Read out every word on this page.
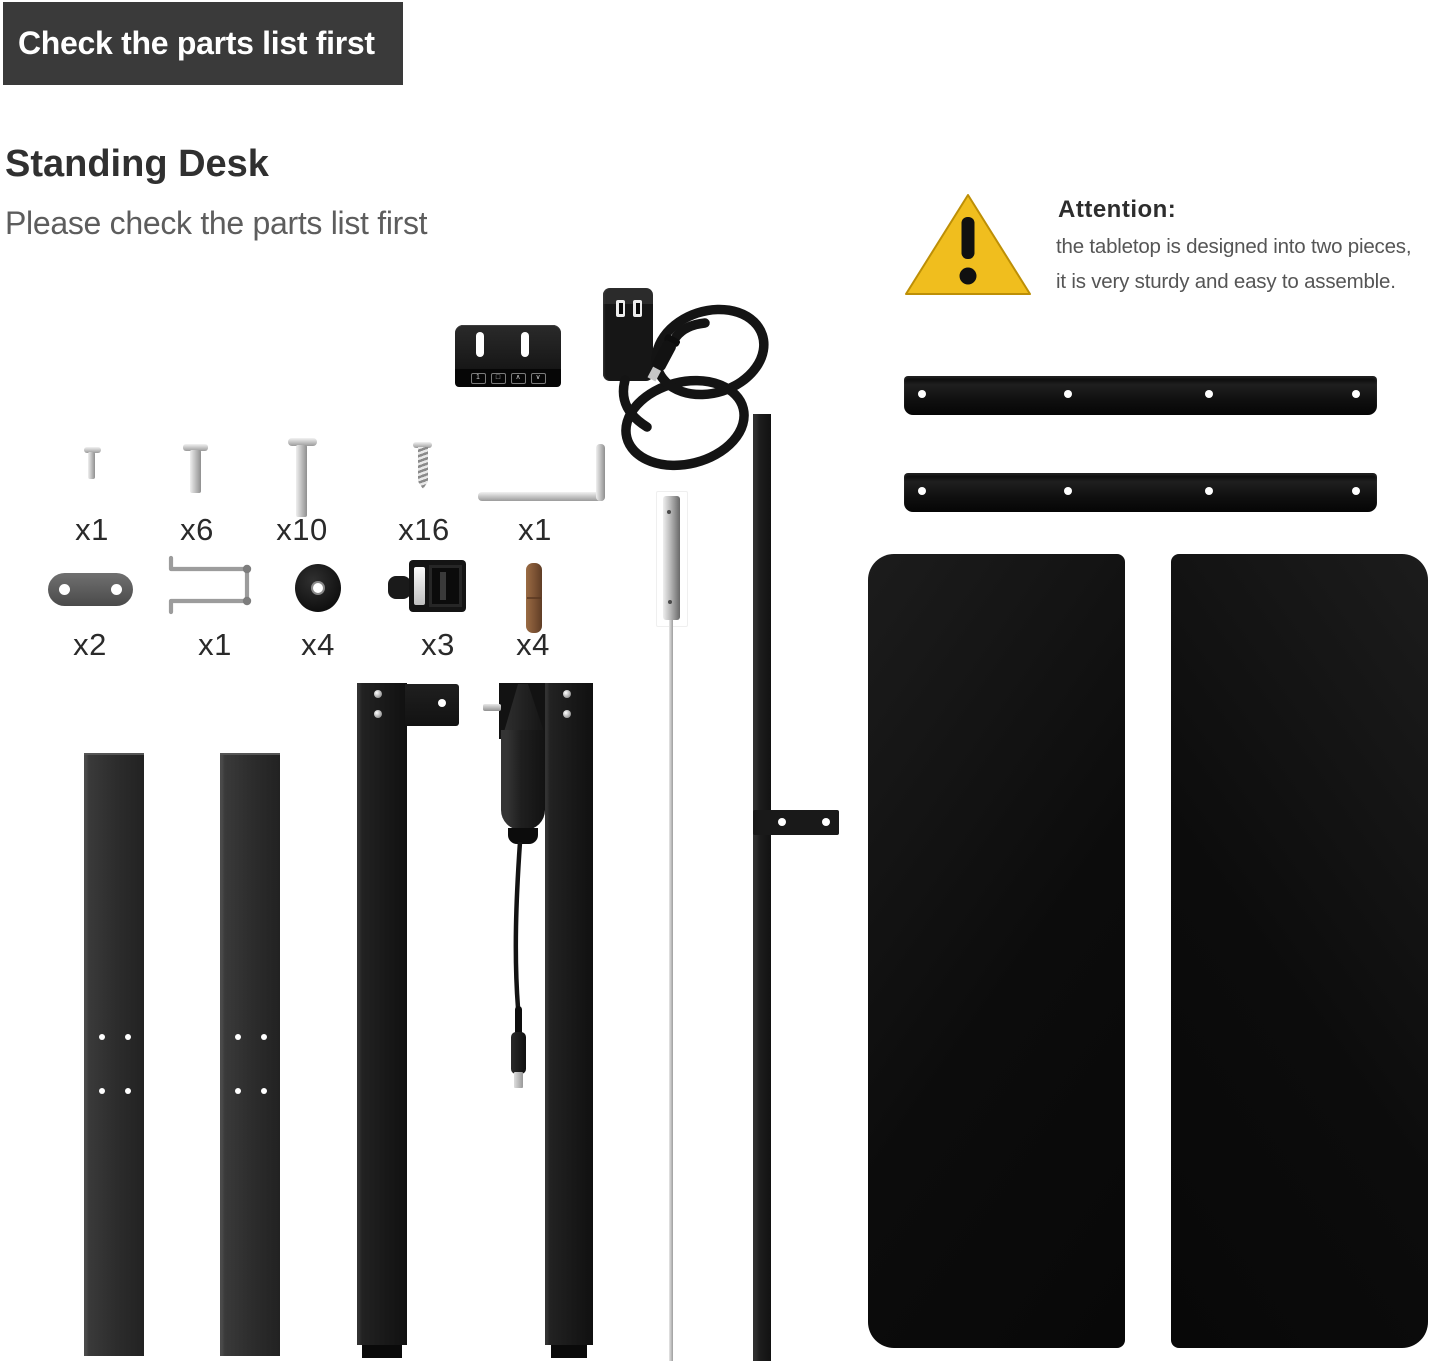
Check the parts list first
Standing Desk
Please check the parts list first	Attention:
the tabletop is designed into two pieces,
it is very sturdy and easy to assemble.
1	□	∧	∨
x1	x6	x10 x16	x1
x2	x1	x4	x3	x4
